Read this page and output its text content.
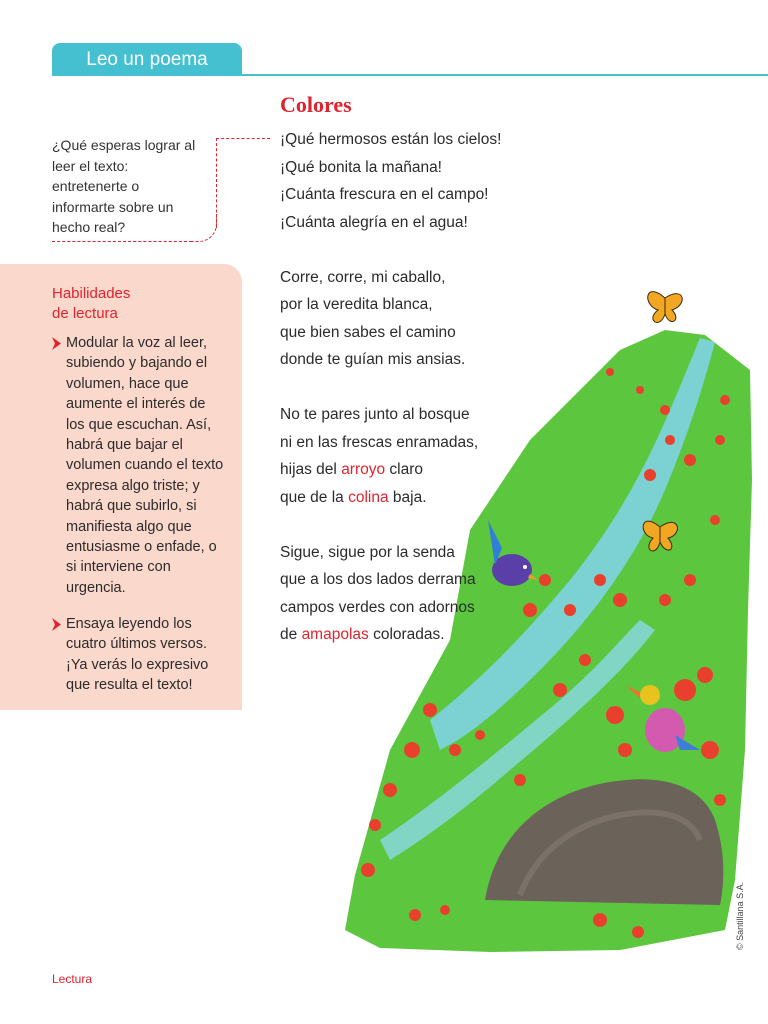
Leo un poema
Colores
¿Qué esperas lograr al leer el texto: entretenerte o informarte sobre un hecho real?
Habilidades
de lectura
Modular la voz al leer, subiendo y bajando el volumen, hace que aumente el interés de los que escuchan. Así, habrá que bajar el volumen cuando el texto expresa algo triste; y habrá que subirlo, si manifiesta algo que entusiasme o enfade, o si interviene con urgencia.
Ensaya leyendo los cuatro últimos versos. ¡Ya verás lo expresivo que resulta el texto!
© Santillana S.A.
¡Qué hermosos están los cielos!
¡Qué bonita la mañana!
¡Cuánta frescura en el campo!
¡Cuánta alegría en el agua!
Corre, corre, mi caballo,
por la veredita blanca,
que bien sabes el camino
donde te guían mis ansias.
No te pares junto al bosque
ni en las frescas enramadas,
hijas del arroyo claro
que de la colina baja.
Sigue, sigue por la senda
que a los dos lados derrama
campos verdes con adornos
de amapolas coloradas.
Lectura
